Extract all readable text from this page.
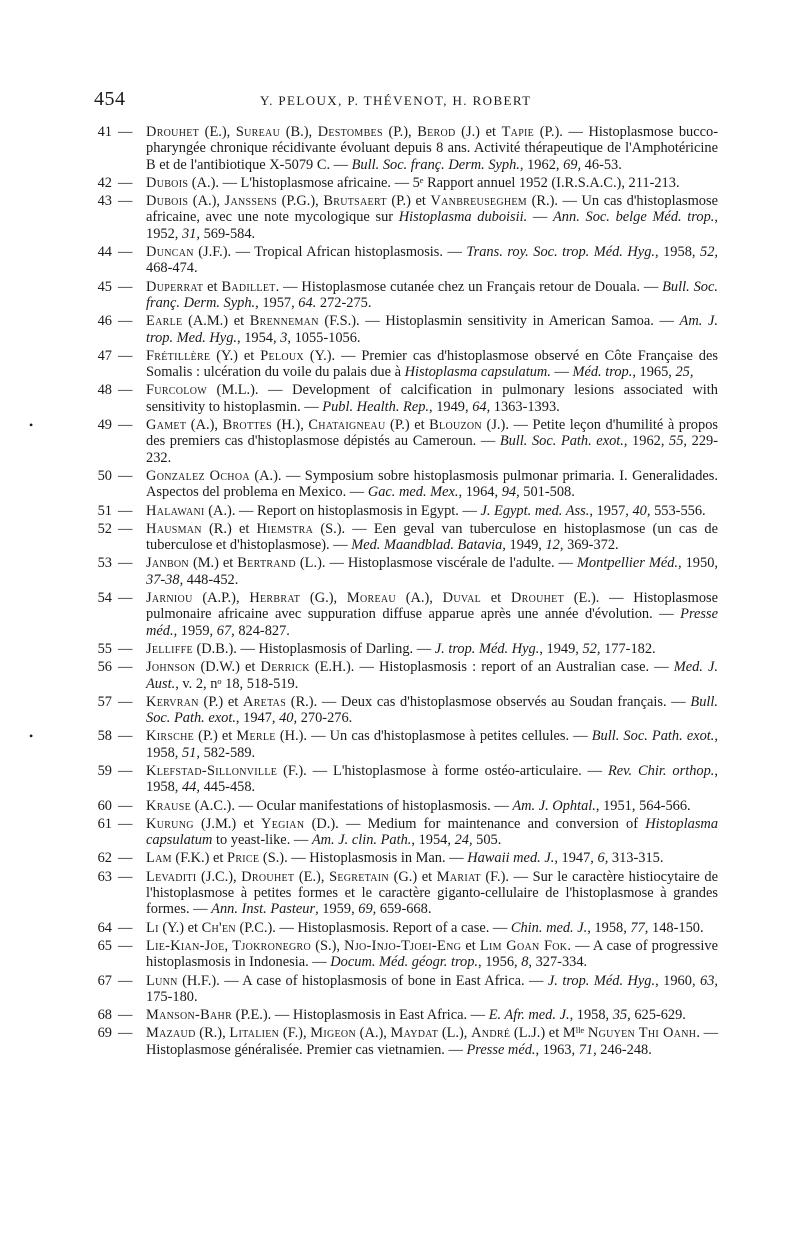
454	Y. PELOUX, P. THÉVENOT, H. ROBERT
41 — Drouhet (E.), Sureau (B.), Destombes (P.), Berod (J.) et Tapie (P.). — Histoplasmose bucco-pharyngée chronique récidivante évoluant depuis 8 ans. Activité thérapeutique de l'Amphotéricine B et de l'antibiotique X-5079 C. — Bull. Soc. franç. Derm. Syph., 1962, 69, 46-53.
42 — Dubois (A.). — L'histoplasmose africaine. — 5ᵉ Rapport annuel 1952 (I.R.S.A.C.), 211-213.
43 — Dubois (A.), Janssens (P.G.), Brutsaert (P.) et Vanbreuseghem (R.). — Un cas d'histoplasmose africaine, avec une note mycologique sur Histoplasma duboisii. — Ann. Soc. belge Méd. trop., 1952, 31, 569-584.
44 — Duncan (J.F.). — Tropical African histoplasmosis. — Trans. roy. Soc. trop. Méd. Hyg., 1958, 52, 468-474.
45 — Duperrat et Badillet. — Histoplasmose cutanée chez un Français retour de Douala. — Bull. Soc. franç. Derm. Syph., 1957, 64. 272-275.
46 — Earle (A.M.) et Brenneman (F.S.). — Histoplasmin sensitivity in American Samoa. — Am. J. trop. Med. Hyg., 1954, 3, 1055-1056.
47 — Frétillère (Y.) et Peloux (Y.). — Premier cas d'histoplasmose observé en Côte Française des Somalis : ulcération du voile du palais due à Histoplasma capsulatum. — Méd. trop., 1965, 25,
48 — Furcolow (M.L.). — Development of calcification in pulmonary lesions associated with sensitivity to histoplasmin. — Publ. Health. Rep., 1949, 64, 1363-1393.
•	49 — Gamet (A.), Brottes (H.), Chataigneau (P.) et Blouzon (J.). — Petite leçon d'humilité à propos des premiers cas d'histoplasmose dépistés au Cameroun. — Bull. Soc. Path. exot., 1962, 55, 229-232.
50 — Gonzalez Ochoa (A.). — Symposium sobre histoplasmosis pulmonar primaria. I. Generalidades. Aspectos del problema en Mexico. — Gac. med. Mex., 1964, 94, 501-508.
51 — Halawani (A.). — Report on histoplasmosis in Egypt. — J. Egypt. med. Ass., 1957, 40, 553-556.
52 — Hausman (R.) et Hiemstra (S.). — Een geval van tuberculose en histoplasmose (un cas de tuberculose et d'histoplasmose). — Med. Maandblad. Batavia, 1949, 12, 369-372.
53 — Janbon (M.) et Bertrand (L.). — Histoplasmose viscérale de l'adulte. — Montpellier Méd., 1950, 37-38, 448-452.
54 — Jarniou (A.P.), Herbrat (G.), Moreau (A.), Duval et Drouhet (E.). — Histoplasmose pulmonaire africaine avec suppuration diffuse apparue après une année d'évolution. — Presse méd., 1959, 67, 824-827.
55 — Jelliffe (D.B.). — Histoplasmosis of Darling. — J. trop. Méd. Hyg., 1949, 52, 177-182.
56 — Johnson (D.W.) et Derrick (E.H.). — Histoplasmosis : report of an Australian case. — Med. J. Aust., v. 2, nᵒ 18, 518-519.
57 — Kervran (P.) et Aretas (R.). — Deux cas d'histoplasmose observés au Soudan français. — Bull. Soc. Path. exot., 1947, 40, 270-276.
•	58 — Kirsche (P.) et Merle (H.). — Un cas d'histoplasmose à petites cellules. — Bull. Soc. Path. exot., 1958, 51, 582-589.
59 — Klefstad-Sillonville (F.). — L'histoplasmose à forme ostéo-articulaire. — Rev. Chir. orthop., 1958, 44, 445-458.
60 — Krause (A.C.). — Ocular manifestations of histoplasmosis. — Am. J. Ophtal., 1951, 564-566.
61 — Kurung (J.M.) et Yegian (D.). — Medium for maintenance and conversion of Histoplasma capsulatum to yeast-like. — Am. J. clin. Path., 1954, 24, 505.
62 — Lam (F.K.) et Price (S.). — Histoplasmosis in Man. — Hawaii med. J., 1947, 6, 313-315.
63 — Levaditi (J.C.), Drouhet (E.), Segretain (G.) et Mariat (F.). — Sur le caractère histiocytaire de l'histoplasmose à petites formes et le caractère giganto-cellulaire de l'histoplasmose à grandes formes. — Ann. Inst. Pasteur, 1959, 69, 659-668.
64 — Li (Y.) et Ch'en (P.C.). — Histoplasmosis. Report of a case. — Chin. med. J., 1958, 77, 148-150.
65 — Lie-Kian-Joe, Tjokronegro (S.), Njo-Injo-Tjoei-Eng et Lim Goan Fok. — A case of progressive histoplasmosis in Indonesia. — Docum. Méd. géogr. trop., 1956, 8, 327-334.
67 — Lunn (H.F.). — A case of histoplasmosis of bone in East Africa. — J. trop. Méd. Hyg., 1960, 63, 175-180.
68 — Manson-Bahr (P.E.). — Histoplasmosis in East Africa. — E. Afr. med. J., 1958, 35, 625-629.
69 — Mazaud (R.), Litalien (F.), Migeon (A.), Maydat (L.), André (L.J.) et Mˡˡᵉ Nguyen Thi Oanh. — Histoplasmose généralisée. Premier cas vietnamien. — Presse méd., 1963, 71, 246-248.
